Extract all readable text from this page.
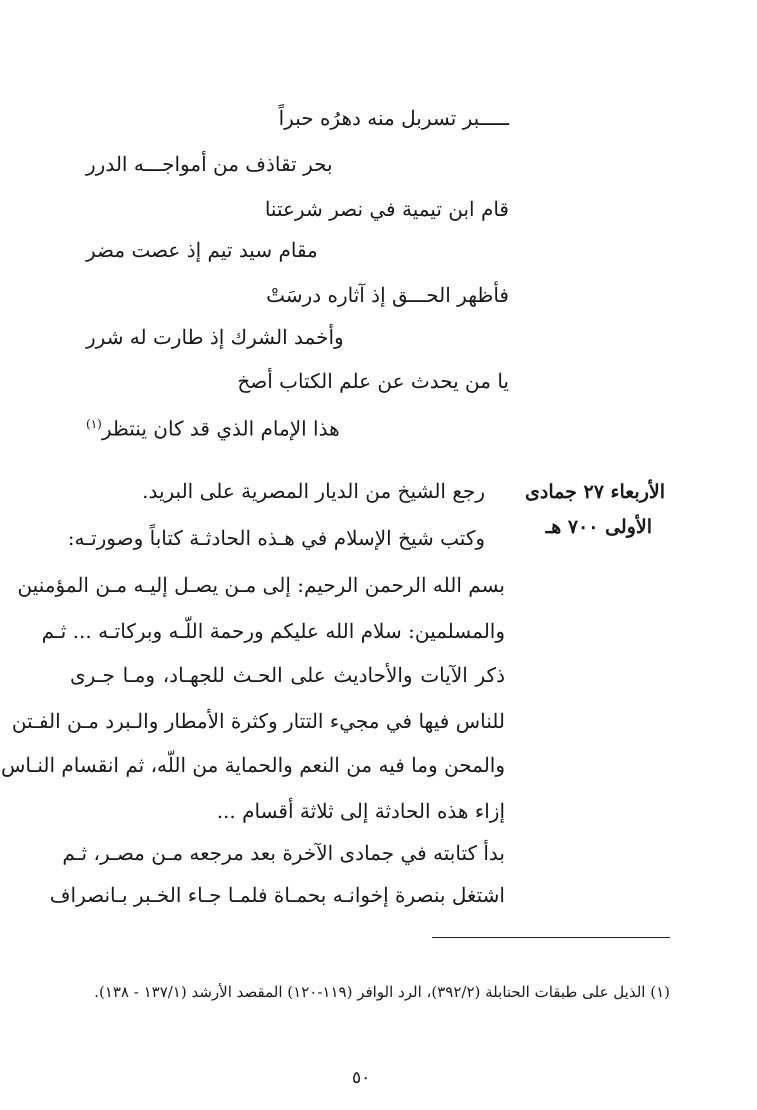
ـــــبر تسربل منه دهرُه حبراً
بحر تقاذف من أمواجـــه الدرر
قام ابن تيمية في نصر شرعتنا
مقام سيد تيم إذ عصت مضر
فأظهر الحـــق إذ آثاره درسَتْ
وأخمد الشرك إذ طارت له شرر
يا من يحدث عن علم الكتاب أصخ
هذا الإمام الذي قد كان ينتظر$^{(١)}$
الأربعاء ٢٧ جمادى
الأولى ٧٠٠ هـ
رجع الشيخ من الديار المصرية على البريد.
وكتب شيخ الإسلام في هـذه الحادثـة كتاباً وصورتـه:
بسم الله الرحمن الرحيم: إلى مـن يصـل إليـه مـن المؤمنين
والمسلمين: سلام الله عليكم ورحمة اللّـه وبركاتـه ... ثـم
ذكر الآيات والأحاديث على الحـث للجهـاد، ومـا جـرى
للناس فيها في مجيء التتار وكثرة الأمطار والـبرد مـن الفـتن
والمحن وما فيه من النعم والحماية من اللّه، ثم انقسام النـاس
إزاء هذه الحادثة إلى ثلاثة أقسام ...
بدأ كتابته في جمادى الآخرة بعد مرجعه مـن مصـر، ثـم
اشتغل بنصرة إخوانـه بحمـاة فلمـا جـاء الخـبر بـانصراف
(١) الذيل على طبقات الحنابلة (٣٩٢/٢)، الرد الوافر (١١٩-١٢٠) المقصد الأرشد (١٣٧/١ - ١٣٨).
٥٠
